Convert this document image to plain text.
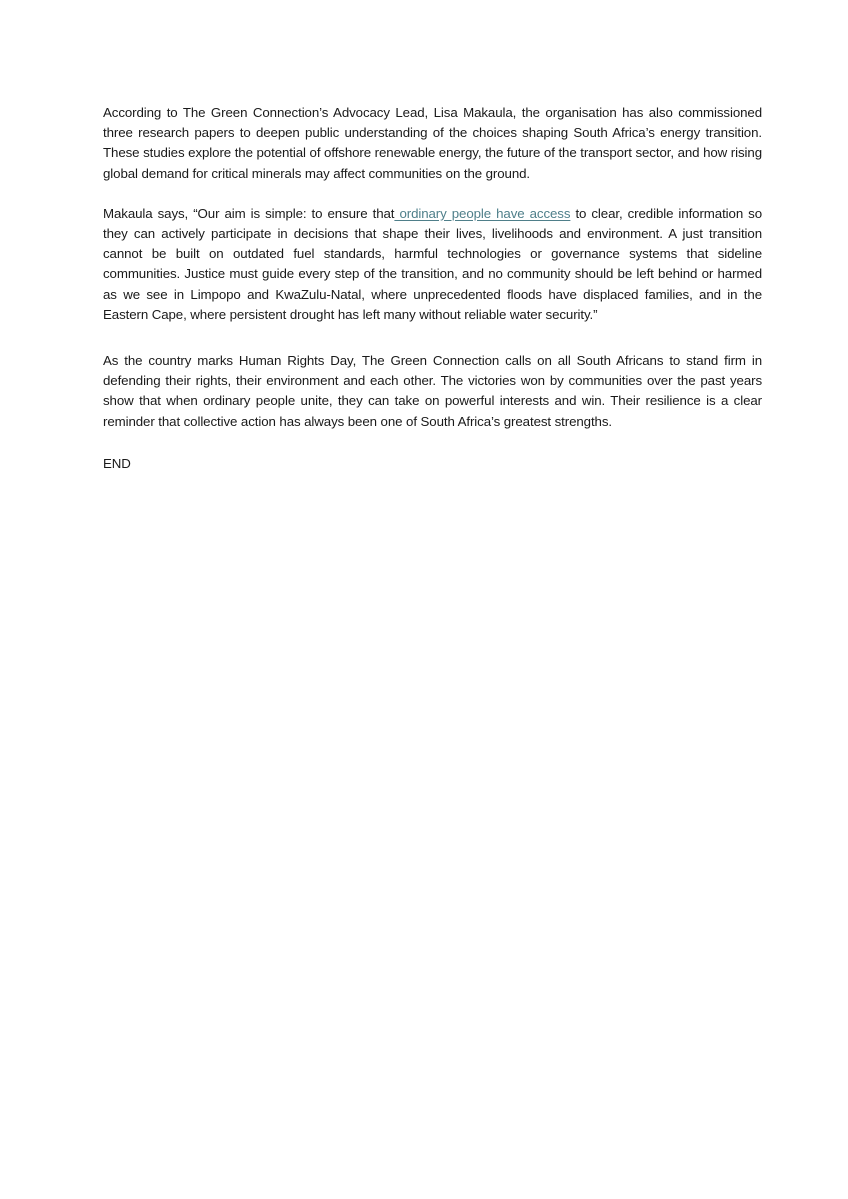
According to The Green Connection’s Advocacy Lead, Lisa Makaula, the organisation has also commissioned three research papers to deepen public understanding of the choices shaping South Africa’s energy transition. These studies explore the potential of offshore renewable energy, the future of the transport sector, and how rising global demand for critical minerals may affect communities on the ground.

Makaula says, “Our aim is simple: to ensure that ordinary people have access to clear, credible information so they can actively participate in decisions that shape their lives, livelihoods and environment. A just transition cannot be built on outdated fuel standards, harmful technologies or governance systems that sideline communities. Justice must guide every step of the transition, and no community should be left behind or harmed as we see in Limpopo and KwaZulu-Natal, where unprecedented floods have displaced families, and in the Eastern Cape, where persistent drought has left many without reliable water security.”

As the country marks Human Rights Day, The Green Connection calls on all South Africans to stand firm in defending their rights, their environment and each other. The victories won by communities over the past years show that when ordinary people unite, they can take on powerful interests and win. Their resilience is a clear reminder that collective action has always been one of South Africa’s greatest strengths.

END
